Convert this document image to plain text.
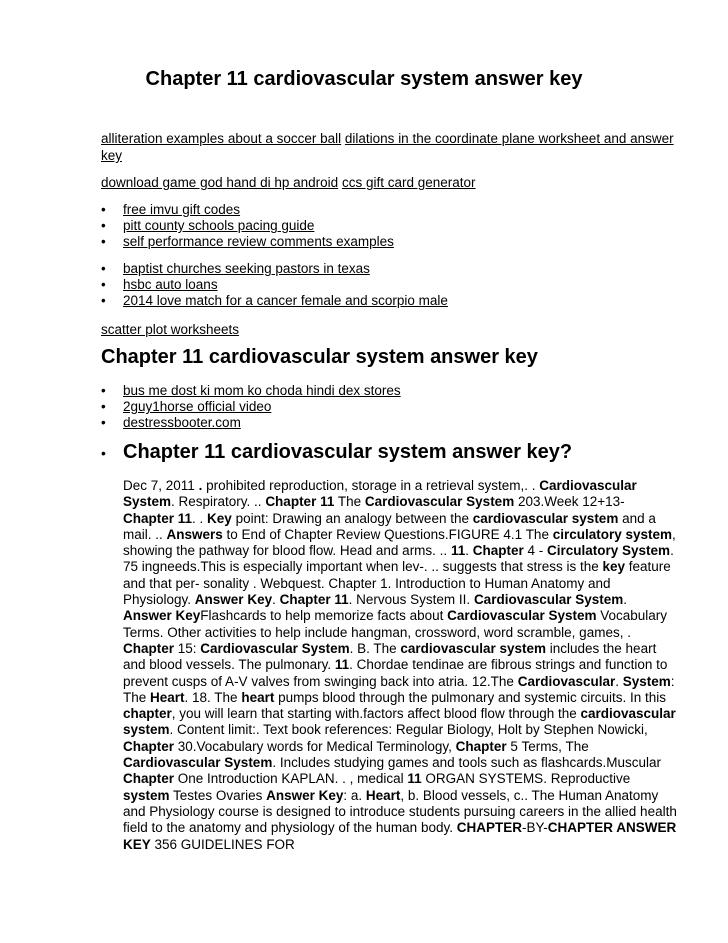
Chapter 11 cardiovascular system answer key
alliteration examples about a soccer ball dilations in the coordinate plane worksheet and answer key
download game god hand di hp android ccs gift card generator
• free imvu gift codes
• pitt county schools pacing guide
• self performance review comments examples
• baptist churches seeking pastors in texas
• hsbc auto loans
• 2014 love match for a cancer female and scorpio male
scatter plot worksheets
Chapter 11 cardiovascular system answer key
• bus me dost ki mom ko choda hindi dex stores
• 2guy1horse official video
• destressbooter.com
• Chapter 11 cardiovascular system answer key?

Dec 7, 2011 . prohibited reproduction, storage in a retrieval system,. . Cardiovascular System. Respiratory. .. Chapter 11 The Cardiovascular System 203.Week 12+13- Chapter 11. . Key point: Drawing an analogy between the cardiovascular system and a mail. .. Answers to End of Chapter Review Questions.FIGURE 4.1 The circulatory system, showing the pathway for blood flow. Head and arms. .. 11. Chapter 4 - Circulatory System. 75 ingneeds.This is especially important when lev-. .. suggests that stress is the key feature and that per- sonality . Webquest. Chapter 1. Introduction to Human Anatomy and Physiology. Answer Key. Chapter 11. Nervous System II. Cardiovascular System. Answer KeyFlashcards to help memorize facts about Cardiovascular System Vocabulary Terms. Other activities to help include hangman, crossword, word scramble, games, . Chapter 15: Cardiovascular System. B. The cardiovascular system includes the heart and blood vessels. The pulmonary. 11. Chordae tendinae are fibrous strings and function to prevent cusps of A-V valves from swinging back into atria. 12.The Cardiovascular. System: The Heart. 18. The heart pumps blood through the pulmonary and systemic circuits. In this chapter, you will learn that starting with.factors affect blood flow through the cardiovascular system. Content limit:. Text book references: Regular Biology, Holt by Stephen Nowicki, Chapter 30.Vocabulary words for Medical Terminology, Chapter 5 Terms, The Cardiovascular System. Includes studying games and tools such as flashcards.Muscular Chapter One Introduction KAPLAN. . , medical 11 ORGAN SYSTEMS. Reproductive system Testes Ovaries Answer Key: a. Heart, b. Blood vessels, c.. The Human Anatomy and Physiology course is designed to introduce students pursuing careers in the allied health field to the anatomy and physiology of the human body. CHAPTER-BY-CHAPTER ANSWER KEY 356 GUIDELINES FOR
